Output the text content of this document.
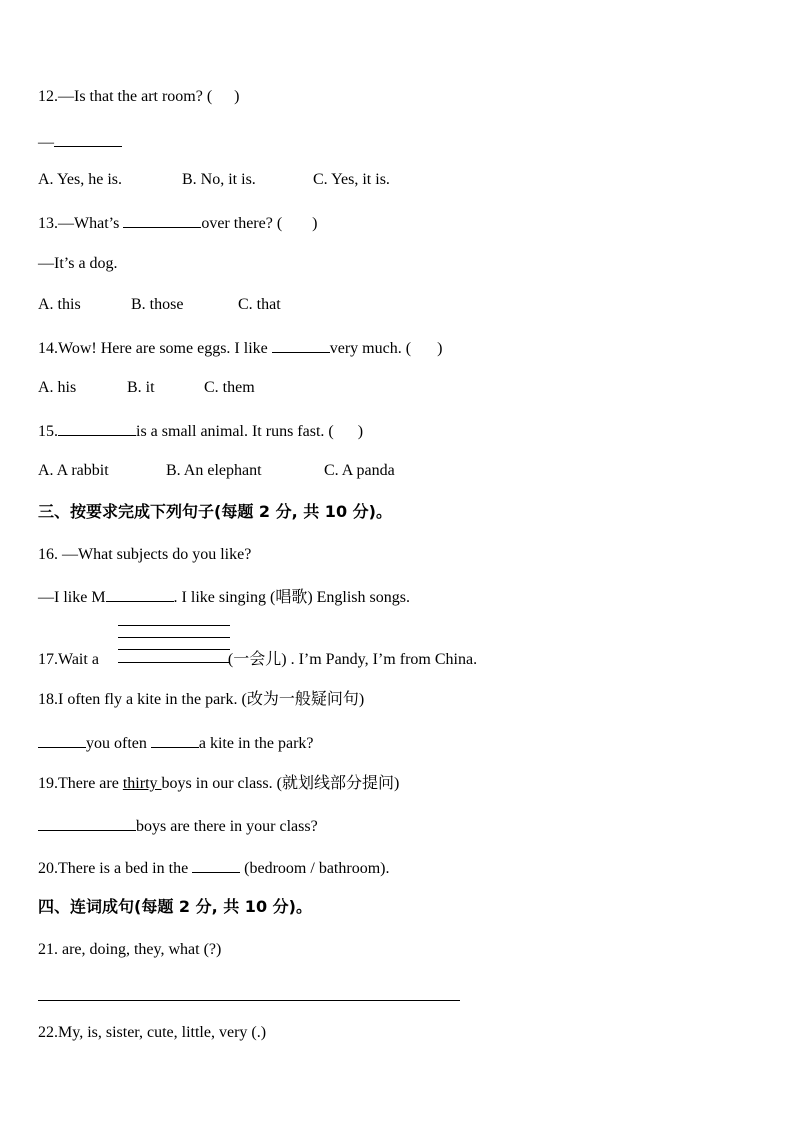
12.—Is that the art room? ( )
—
A. Yes, he is.	B. No, it is.	C. Yes, it is.
13.—What’s	over there? ( )
—It’s a dog.
A. this	B. those	C. that
14.Wow! Here are some eggs. I like	very much. ( )
A. his	B. it	C. them
15.	is a small animal. It runs fast. ( )
A. A rabbit	B. An elephant	C. A panda
三、按要求完成下列句子(每题 2 分, 共 10 分)。
16. —What subjects do you like?
—I like M	. I like singing (唱歌) English songs.
17.Wait a	(一会儿) . I’m Pandy, I’m from China.
18.I often fly a kite in the park. (改为一般疑问句)
you often	a kite in the park?
19.There are thirty boys in our class. (就划线部分提问)
boys are there in your class?
20.There is a bed in the	(bedroom / bathroom).
四、连词成句(每题 2 分, 共 10 分)。
21. are, doing, they, what (?)
22.My, is, sister, cute, little, very (.)
